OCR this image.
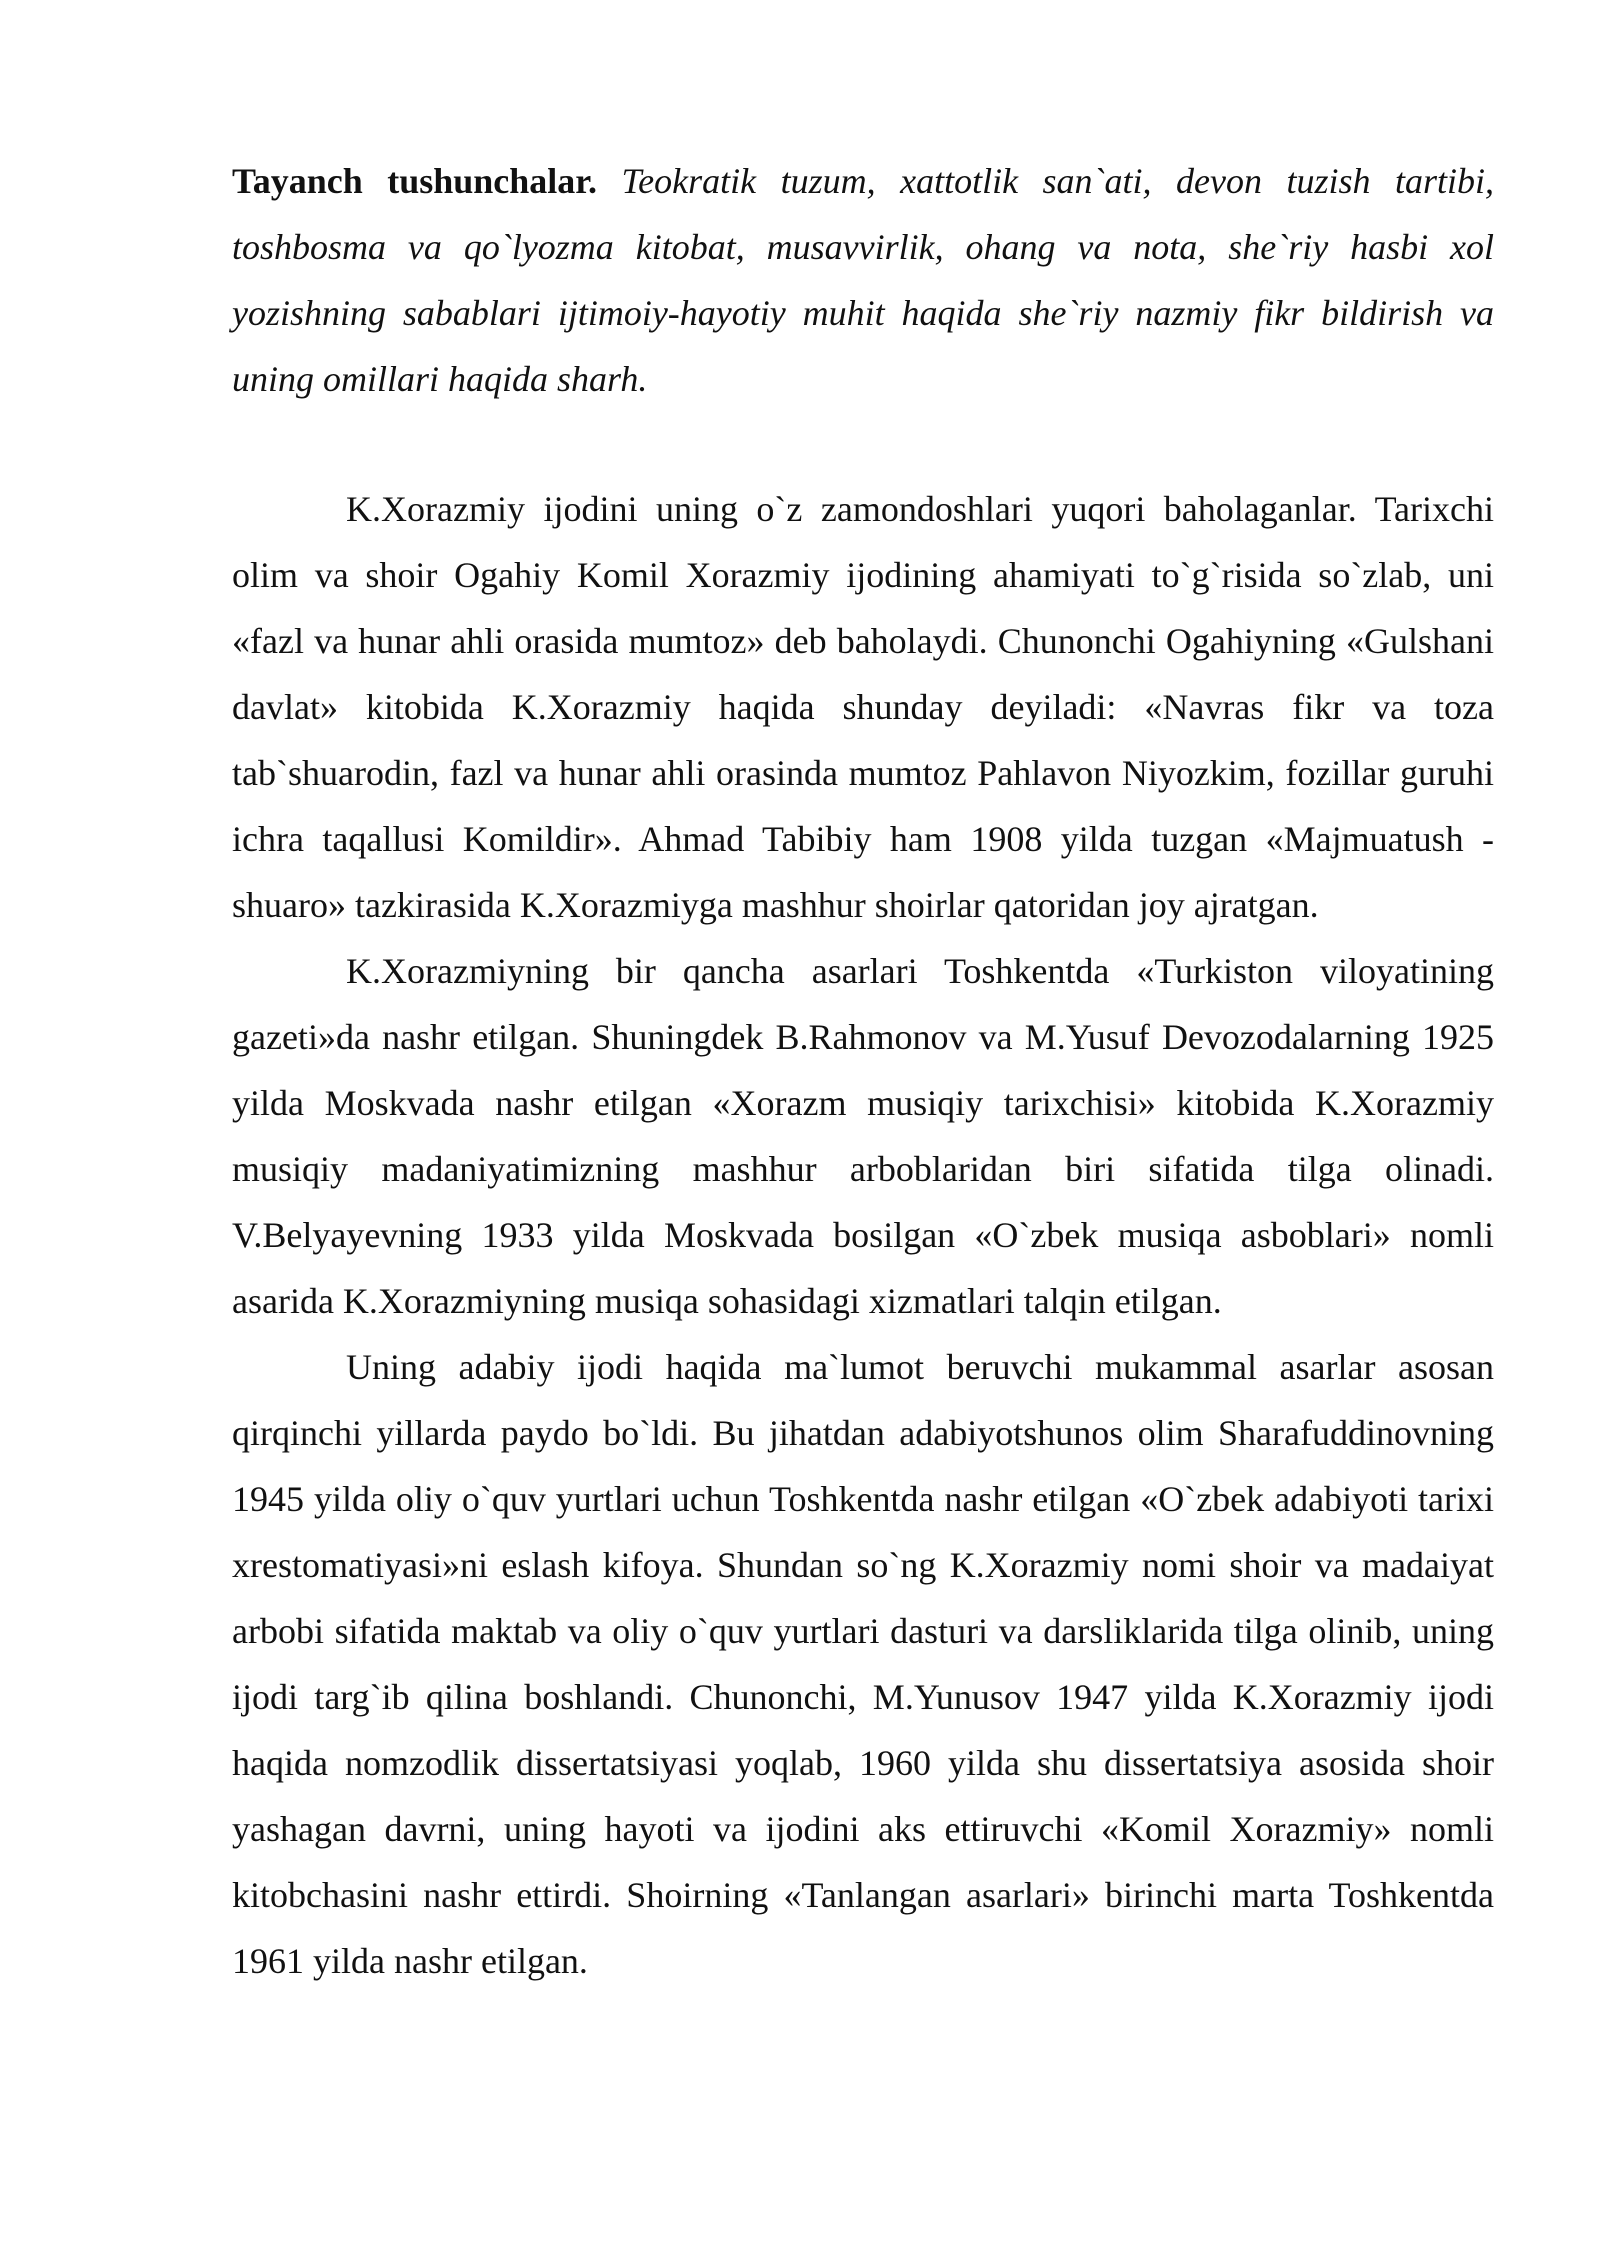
Tayanch tushunchalar. Teokratik tuzum, xattotlik san`ati, devon tuzish tartibi, toshbosma va qo`lyozma kitobat, musavvirlik, ohang va nota, she`riy hasbi xol yozishning sabablari ijtimoiy-hayotiy muhit haqida she`riy nazmiy fikr bildirish va uning omillari haqida sharh.

K.Xorazmiy ijodini uning o`z zamondoshlari yuqori baholaganlar. Tarixchi olim va shoir Ogahiy Komil Xorazmiy ijodining ahamiyati to`g`risida so`zlab, uni «fazl va hunar ahli orasida mumtoz» deb baholaydi. Chunonchi Ogahiyning «Gulshani davlat» kitobida K.Xorazmiy haqida shunday deyiladi: «Navras fikr va toza tab`shuarodin, fazl va hunar ahli orasinda mumtoz Pahlavon Niyozkim, fozillar guruhi ichra taqallusi Komildir». Ahmad Tabibiy ham 1908 yilda tuzgan «Majmuatush - shuaro» tazkirasida K.Xorazmiyga mashhur shoirlar qatoridan joy ajratgan.

K.Xorazmiyning bir qancha asarlari Toshkentda «Turkiston viloyatining gazeti»da nashr etilgan. Shuningdek B.Rahmonov va M.Yusuf Devozodalarning 1925 yilda Moskvada nashr etilgan «Xorazm musiqiy tarixchisi» kitobida K.Xorazmiy musiqiy madaniyatimizning mashhur arboblaridan biri sifatida tilga olinadi. V.Belyayevning 1933 yilda Moskvada bosilgan «O`zbek musiqa asboblari» nomli asarida K.Xorazmiyning musiqa sohasidagi xizmatlari talqin etilgan.

Uning adabiy ijodi haqida ma`lumot beruvchi mukammal asarlar asosan qirqinchi yillarda paydo bo`ldi. Bu jihatdan adabiyotshunos olim Sharafuddinovning 1945 yilda oliy o`quv yurtlari uchun Toshkentda nashr etilgan «O`zbek adabiyoti tarixi xrestomatiyasi»ni eslash kifoya. Shundan so`ng K.Xorazmiy nomi shoir va madaiyat arbobi sifatida maktab va oliy o`quv yurtlari dasturi va darsliklarida tilga olinib, uning ijodi targ`ib qilina boshlandi. Chunonchi, M.Yunusov 1947 yilda K.Xorazmiy ijodi haqida nomzodlik dissertatsiyasi yoqlab, 1960 yilda shu dissertatsiya asosida shoir yashagan davrni, uning hayoti va ijodini aks ettiruvchi «Komil Xorazmiy» nomli kitobchasini nashr ettirdi. Shoirning «Tanlangan asarlari» birinchi marta Toshkentda 1961 yilda nashr etilgan.
